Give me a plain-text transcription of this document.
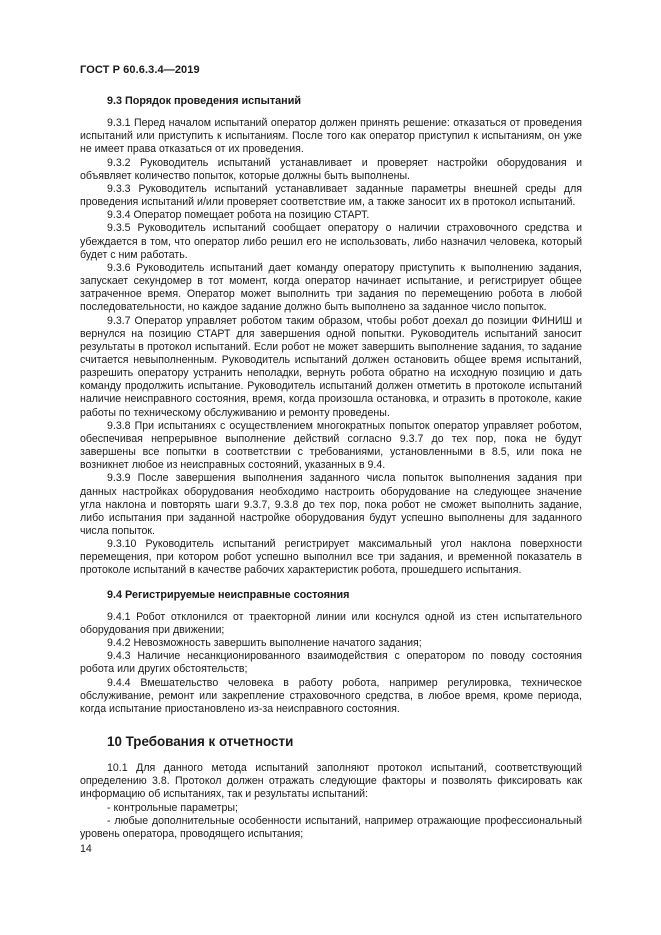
ГОСТ Р 60.6.3.4—2019
9.3 Порядок проведения испытаний

9.3.1 Перед началом испытаний оператор должен принять решение: отказаться от проведения испытаний или приступить к испытаниям. После того как оператор приступил к испытаниям, он уже не имеет права отказаться от их проведения.

9.3.2 Руководитель испытаний устанавливает и проверяет настройки оборудования и объявляет количество попыток, которые должны быть выполнены.

9.3.3 Руководитель испытаний устанавливает заданные параметры внешней среды для проведения испытаний и/или проверяет соответствие им, а также заносит их в протокол испытаний.

9.3.4 Оператор помещает робота на позицию СТАРТ.

9.3.5 Руководитель испытаний сообщает оператору о наличии страховочного средства и убеждается в том, что оператор либо решил его не использовать, либо назначил человека, который будет с ним работать.

9.3.6 Руководитель испытаний дает команду оператору приступить к выполнению задания, запускает секундомер в тот момент, когда оператор начинает испытание, и регистрирует общее затраченное время. Оператор может выполнить три задания по перемещению робота в любой последовательности, но каждое задание должно быть выполнено за заданное число попыток.

9.3.7 Оператор управляет роботом таким образом, чтобы робот доехал до позиции ФИНИШ и вернулся на позицию СТАРТ для завершения одной попытки. Руководитель испытаний заносит результаты в протокол испытаний. Если робот не может завершить выполнение задания, то задание считается невыполненным. Руководитель испытаний должен остановить общее время испытаний, разрешить оператору устранить неполадки, вернуть робота обратно на исходную позицию и дать команду продолжить испытание. Руководитель испытаний должен отметить в протоколе испытаний наличие неисправного состояния, время, когда произошла остановка, и отразить в протоколе, какие работы по техническому обслуживанию и ремонту проведены.

9.3.8 При испытаниях с осуществлением многократных попыток оператор управляет роботом, обеспечивая непрерывное выполнение действий согласно 9.3.7 до тех пор, пока не будут завершены все попытки в соответствии с требованиями, установленными в 8.5, или пока не возникнет любое из неисправных состояний, указанных в 9.4.

9.3.9 После завершения выполнения заданного числа попыток выполнения задания при данных настройках оборудования необходимо настроить оборудование на следующее значение угла наклона и повторять шаги 9.3.7, 9.3.8 до тех пор, пока робот не сможет выполнить задание, либо испытания при заданной настройке оборудования будут успешно выполнены для заданного числа попыток.

9.3.10 Руководитель испытаний регистрирует максимальный угол наклона поверхности перемещения, при котором робот успешно выполнил все три задания, и временной показатель в протоколе испытаний в качестве рабочих характеристик робота, прошедшего испытания.

9.4 Регистрируемые неисправные состояния

9.4.1 Робот отклонился от траекторной линии или коснулся одной из стен испытательного оборудования при движении;

9.4.2 Невозможность завершить выполнение начатого задания;

9.4.3 Наличие несанкционированного взаимодействия с оператором по поводу состояния робота или других обстоятельств;

9.4.4 Вмешательство человека в работу робота, например регулировка, техническое обслуживание, ремонт или закрепление страховочного средства, в любое время, кроме периода, когда испытание приостановлено из-за неисправного состояния.

10 Требования к отчетности

10.1 Для данного метода испытаний заполняют протокол испытаний, соответствующий определению 3.8. Протокол должен отражать следующие факторы и позволять фиксировать как информацию об испытаниях, так и результаты испытаний:

- контрольные параметры;

- любые дополнительные особенности испытаний, например отражающие профессиональный уровень оператора, проводящего испытания;

14
